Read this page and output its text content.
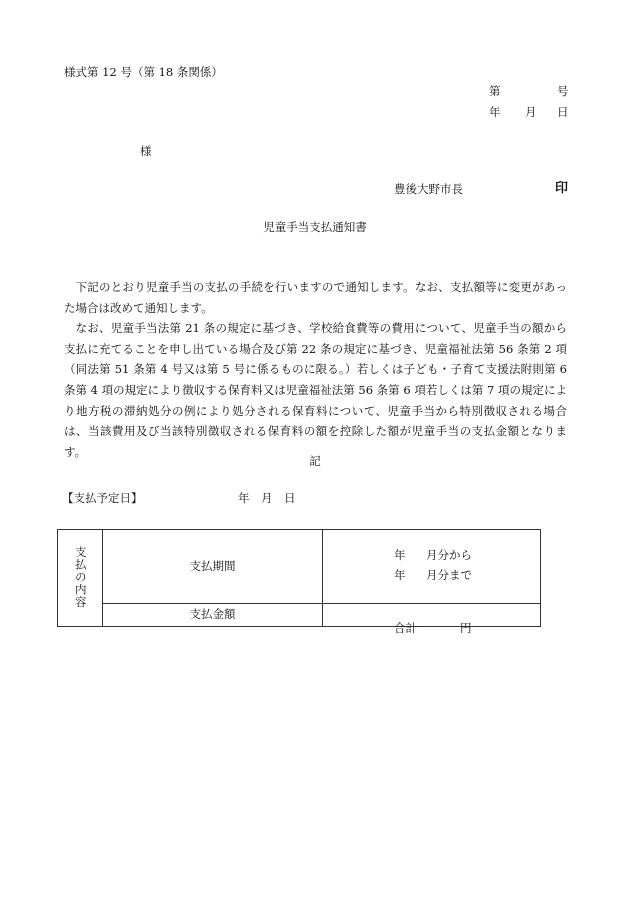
様式第 12 号（第 18 条関係）
第	号
年 月 日
様
豊後大野市長	印
児童手当支払通知書

下記のとおり児童手当の支払の手続を行いますので通知します。なお、支払額等に変更があった場合は改めて通知します。

なお、児童手当法第 21 条の規定に基づき、学校給食費等の費用について、児童手当の額から支払に充てることを申し出ている場合及び第 22 条の規定に基づき、児童福祉法第 56 条第 2 項（同法第 51 条第 4 号又は第 5 号に係るものに限る。）若しくは子ども・子育て支援法附則第 6 条第 4 項の規定により徴収する保育料又は児童福祉法第 56 条第 6 項若しくは第 7 項の規定により地方税の滞納処分の例により処分される保育料について、児童手当から特別徴収される場合は、当該費用及び当該特別徴収される保育料の額を控除した額が児童手当の支払金額となります。

記
【支払予定日】	年 月 日
支払の内容	支払期間	年 月分から
年 月分まで

	支払金額	合計 円
